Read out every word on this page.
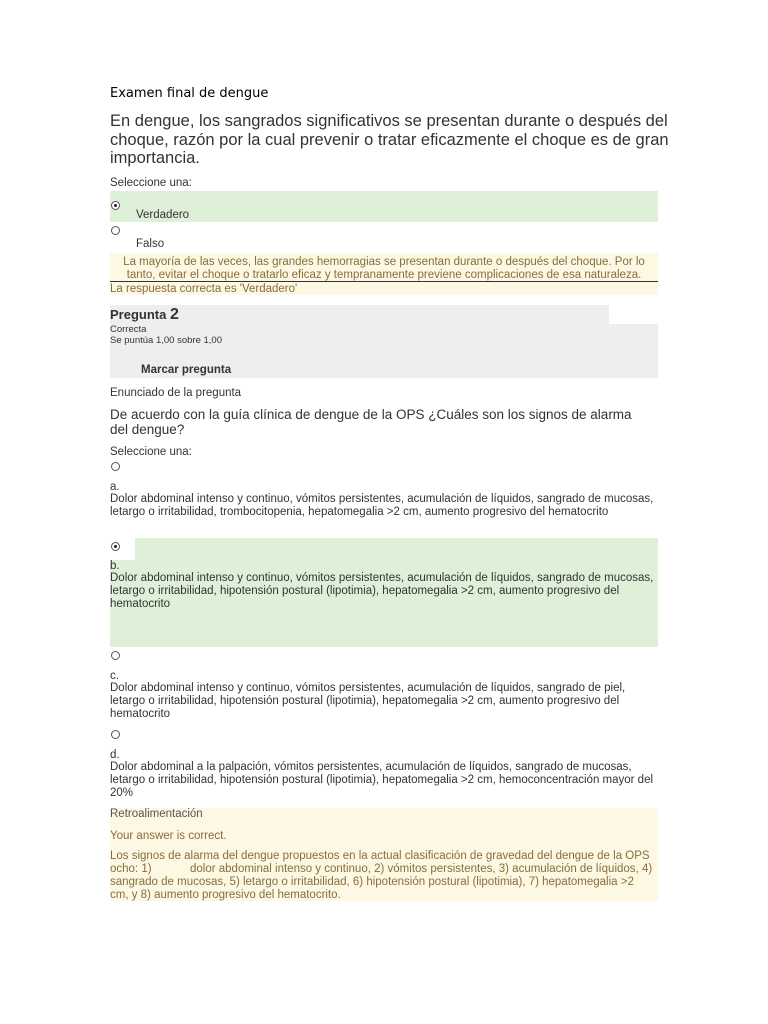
Examen final de dengue
En dengue, los sangrados significativos se presentan durante o después del choque, razón por la cual prevenir o tratar eficazmente el choque es de gran importancia.
Seleccione una:
Verdadero
Falso
La mayoría de las veces, las grandes hemorragias se presentan durante o después del choque. Por lo tanto, evitar el choque o tratarlo eficaz y tempranamente previene complicaciones de esa naturaleza.
La respuesta correcta es 'Verdadero'
Pregunta 2
Correcta
Se puntúa 1,00 sobre 1,00
Marcar pregunta
Enunciado de la pregunta
De acuerdo con la guía clínica de dengue de la OPS ¿Cuáles son los signos de alarma del dengue?
Seleccione una:
a.
Dolor abdominal intenso y continuo, vómitos persistentes, acumulación de líquidos, sangrado de mucosas, letargo o irritabilidad, trombocitopenia, hepatomegalia >2 cm, aumento progresivo del hematocrito
b.
Dolor abdominal intenso y continuo, vómitos persistentes, acumulación de líquidos, sangrado de mucosas, letargo o irritabilidad, hipotensión postural (lipotimia), hepatomegalia >2 cm, aumento progresivo del hematocrito
c.
Dolor abdominal intenso y continuo, vómitos persistentes, acumulación de líquidos, sangrado de piel, letargo o irritabilidad, hipotensión postural (lipotimia), hepatomegalia >2 cm, aumento progresivo del hematocrito
d.
Dolor abdominal a la palpación, vómitos persistentes, acumulación de líquidos, sangrado de mucosas, letargo o irritabilidad, hipotensión postural (lipotimia), hepatomegalia >2 cm, hemoconcentración mayor del 20%
Retroalimentación
Your answer is correct.
Los signos de alarma del dengue propuestos en la actual clasificación de gravedad del dengue de la OPS
ocho: 1)	dolor abdominal intenso y continuo, 2) vómitos persistentes, 3) acumulación de líquidos, 4)
sangrado de mucosas, 5) letargo o irritabilidad, 6) hipotensión postural (lipotimia), 7) hepatomegalia >2
cm, y 8) aumento progresivo del hematocrito.
